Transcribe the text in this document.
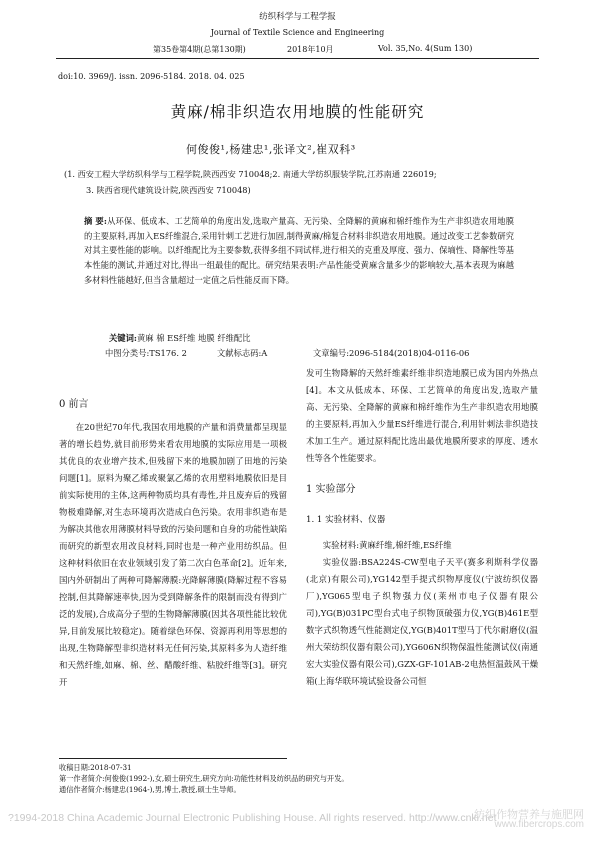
纺织科学与工程学报
Journal of Textile Science and Engineering
第35卷第4期(总第130期)	2018年10月	Vol. 35,No. 4(Sum 130)
doi:10. 3969/j. issn. 2096-5184. 2018. 04. 025
黄麻/棉非织造农用地膜的性能研究
何俊俊¹,杨建忠¹,张译文²,崔双科³
(1. 西安工程大学纺织科学与工程学院,陕西西安 710048;2. 南通大学纺织服装学院,江苏南通 226019;
3. 陕西省现代建筑设计院,陕西西安 710048)
摘 要:从环保、低成本、工艺简单的角度出发,选取产量高、无污染、全降解的黄麻和棉纤维作为生产非织造农用地膜的主要原料,再加入ES纤维混合,采用针刺工艺进行加固,制得黄麻/棉复合材料非织造农用地膜。通过改变工艺参数研究对其主要性能的影响。以纤维配比为主要参数,获得多组不同试样,进行相关的克重及厚度、强力、保墒性、降解性等基本性能的测试,并通过对比,得出一组最佳的配比。研究结果表明:产品性能受黄麻含量多少的影响较大,基本表现为麻越多材料性能越好,但当含量超过一定值之后性能反而下降。
关键词:黄麻 棉 ES纤维 地膜 纤维配比
中图分类号:TS176. 2	文献标志码:A	文章编号:2096-5184(2018)04-0116-06
0 前言

在20世纪70年代,我国农用地膜的产量和消费量都呈现显著的增长趋势,就目前形势来看农用地膜的实际应用是一项极其优良的农业增产技术,但残留下来的地膜加剧了田地的污染问题[1]。原料为聚乙烯或聚氯乙烯的农用塑料地膜依旧是目前实际使用的主体,这两种物质均具有毒性,并且废弃后的残留物极难降解,对生态环境再次造成白色污染。农用非织造布是为解决其他农用薄膜材料导致的污染问题和自身的功能性缺陷而研究的新型农用改良材料,同时也是一种产业用纺织品。但这种材料依旧在农业领域引发了第二次白色革命[2]。近年来,国内外研制出了两种可降解薄膜:光降解薄膜(降解过程不容易控制,但其降解速率快,因为受到降解条件的限制而没有得到广泛的发展),合成高分子型的生物降解薄膜(因其各项性能比较优异,目前发展比较稳定)。随着绿色环保、资源再利用等思想的出现,生物降解型非织造材料无任何污染,其原料多为人造纤维和天然纤维,如麻、棉、丝、醋酸纤维、粘胶纤维等[3]。研究开

发可生物降解的天然纤维素纤维非织造地膜已成为国内外热点[4]。本文从低成本、环保、工艺简单的角度出发,选取产量高、无污染、全降解的黄麻和棉纤维作为生产非织造农用地膜的主要原料,再加入少量ES纤维进行混合,利用针刺法非织造技术加工生产。通过原料配比选出最优地膜所要求的厚度、透水性等各个性能要求。

1 实验部分
1. 1 实验材料、仪器

实验材料:黄麻纤维,棉纤维,ES纤维

实验仪器:BSA224S-CW型电子天平(赛多利斯科学仪器(北京)有限公司),YG142型手提式织物厚度仪(宁波纺织仪器厂),YG065型电子织物强力仪(莱州市电子仪器有限公司),YG(B)031PC型台式电子织物顶破强力仪,YG(B)461E型数字式织物透气性能测定仪,YG(B)401T型马丁代尔耐磨仪(温州大荣纺织仪器有限公司),YG606N织物保温性能测试仪(南通宏大实验仪器有限公司),GZX-GF-101AB-2电热恒温鼓风干燥箱(上海华联环境试验设备公司恒

收稿日期:2018-07-31
第一作者简介:何俊俊(1992-),女,硕士研究生,研究方向:功能性材料及纺织品的研究与开发。
通信作者简介:杨建忠(1964-),男,博士,教授,硕士生导师。
?1994-2018 China Academic Journal Electronic Publishing House. All rights reserved. http://www.cnki.net
纺织作物营养与施肥网
www.fibercrops.com
